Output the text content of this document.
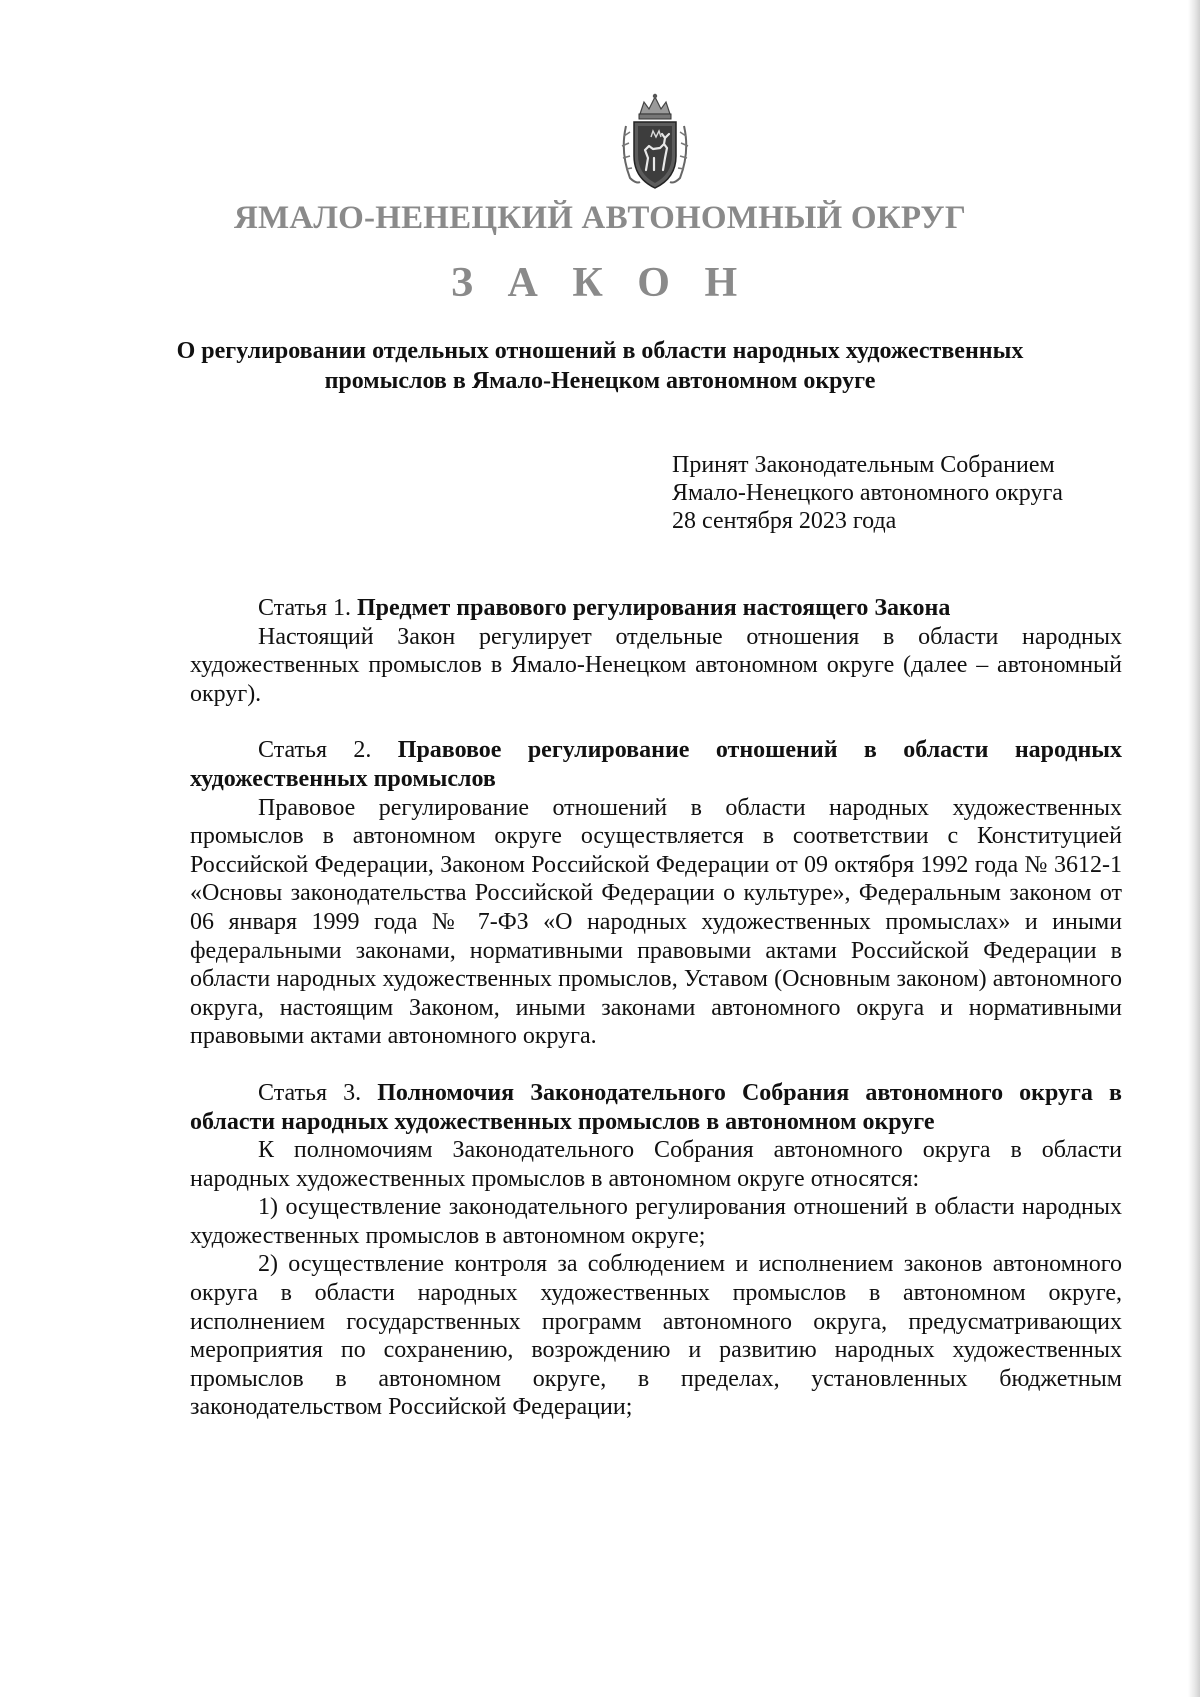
ЯМАЛО-НЕНЕЦКИЙ АВТОНОМНЫЙ ОКРУГ
З А К О Н
О регулировании отдельных отношений в области народных художественных промыслов в Ямало-Ненецком автономном округе
Принят Законодательным Собранием
Ямало-Ненецкого автономного округа
28 сентября 2023 года

Статья 1. Предмет правового регулирования настоящего Закона

Настоящий Закон регулирует отдельные отношения в области народных художественных промыслов в Ямало-Ненецком автономном округе (далее – автономный округ).

Статья 2. Правовое регулирование отношений в области народных художественных промыслов

Правовое регулирование отношений в области народных художественных промыслов в автономном округе осуществляется в соответствии с Конституцией Российской Федерации, Законом Российской Федерации от 09 октября 1992 года № 3612-1 «Основы законодательства Российской Федерации о культуре», Федеральным законом от 06 января 1999 года № 7-ФЗ «О народных художественных промыслах» и иными федеральными законами, нормативными правовыми актами Российской Федерации в области народных художественных промыслов, Уставом (Основным законом) автономного округа, настоящим Законом, иными законами автономного округа и нормативными правовыми актами автономного округа.

Статья 3. Полномочия Законодательного Собрания автономного округа в области народных художественных промыслов в автономном округе

К полномочиям Законодательного Собрания автономного округа в области народных художественных промыслов в автономном округе относятся:

1) осуществление законодательного регулирования отношений в области народных художественных промыслов в автономном округе;

2) осуществление контроля за соблюдением и исполнением законов автономного округа в области народных художественных промыслов в автономном округе, исполнением государственных программ автономного округа, предусматривающих мероприятия по сохранению, возрождению и развитию народных художественных промыслов в автономном округе, в пределах, установленных бюджетным законодательством Российской Федерации;
